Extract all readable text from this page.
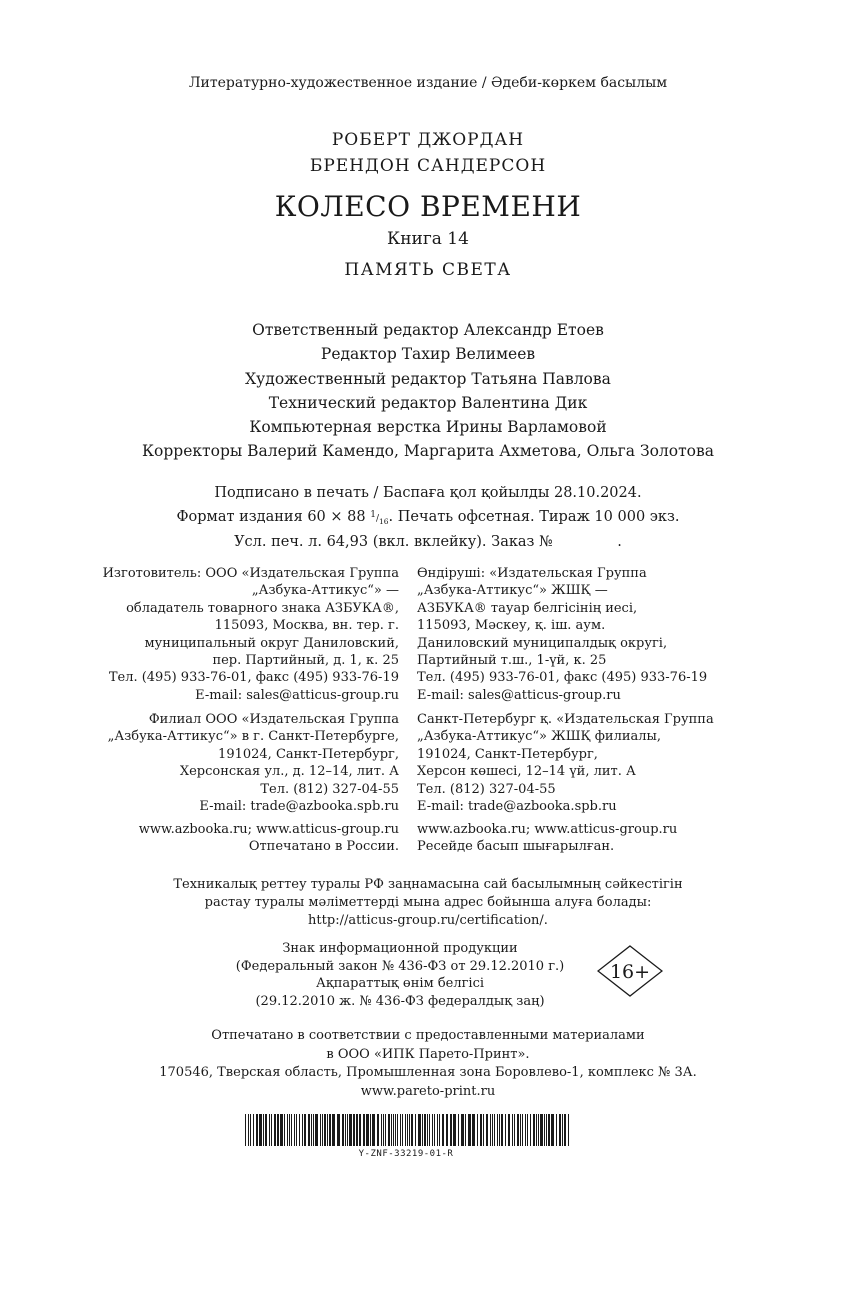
Литературно-художественное издание / Әдеби-көркем басылым
РОБЕРТ ДЖОРДАН
БРЕНДОН САНДЕРСОН
КОЛЕСО ВРЕМЕНИ
Книга 14
ПАМЯТЬ СВЕТА
Ответственный редактор Александр Етоев
Редактор Тахир Велимеев
Художественный редактор Татьяна Павлова
Технический редактор Валентина Дик
Компьютерная верстка Ирины Варламовой
Корректоры Валерий Камендо, Маргарита Ахметова, Ольга Золотова
Подписано в печать / Баспаға қол қойылды 28.10.2024.
Формат издания 60 × 88 $^1/_{16}$. Печать офсетная. Тираж 10 000 экз.
Усл. печ. л. 64,93 (вкл. вклейку). Заказ №              .
Изготовитель: ООО «Издательская Группа
„Азбука-Аттикус“» —
обладатель товарного знака АЗБУКА®,
115093, Москва, вн. тер. г.
муниципальный округ Даниловский,
пер. Партийный, д. 1, к. 25
Тел. (495) 933-76-01, факс (495) 933-76-19
E-mail: sales@atticus-group.ru
Өндіруші: «Издательская Группа
„Азбука-Аттикус“» ЖШҚ —
АЗБУКА® тауар белгісінің иесі,
115093, Мәскеу, қ. іш. аум.
Даниловский муниципалдық округі,
Партийный т.ш., 1-үй, к. 25
Тел. (495) 933-76-01, факс (495) 933-76-19
E-mail: sales@atticus-group.ru
Филиал ООО «Издательская Группа
„Азбука-Аттикус“» в г. Санкт-Петербурге,
191024, Санкт-Петербург,
Херсонская ул., д. 12–14, лит. А
Тел. (812) 327-04-55
E-mail: trade@azbooka.spb.ru
Санкт-Петербург қ. «Издательская Группа
„Азбука-Аттикус“» ЖШҚ филиалы,
191024, Санкт-Петербург,
Херсон көшесі, 12–14 үй, лит. А
Тел. (812) 327-04-55
E-mail: trade@azbooka.spb.ru
www.azbooka.ru; www.atticus-group.ru
Отпечатано в России.
www.azbooka.ru; www.atticus-group.ru
Ресейде басып шығарылған.
Техникалық реттеу туралы РФ заңнамасына сай басылымның сәйкестігін
растау туралы мәліметтерді мына адрес бойынша алуға болады:
http://atticus-group.ru/certification/.
Знак информационной продукции
(Федеральный закон № 436-ФЗ от 29.12.2010 г.)
Ақпараттық өнім белгісі
(29.12.2010 ж. № 436-ФЗ федералдық заң)
16+
Отпечатано в соответствии с предоставленными материалами
в ООО «ИПК Парето-Принт».
170546, Тверская область, Промышленная зона Боровлево-1, комплекс № 3А.
www.pareto-print.ru
Y-ZNF-33219-01-R
